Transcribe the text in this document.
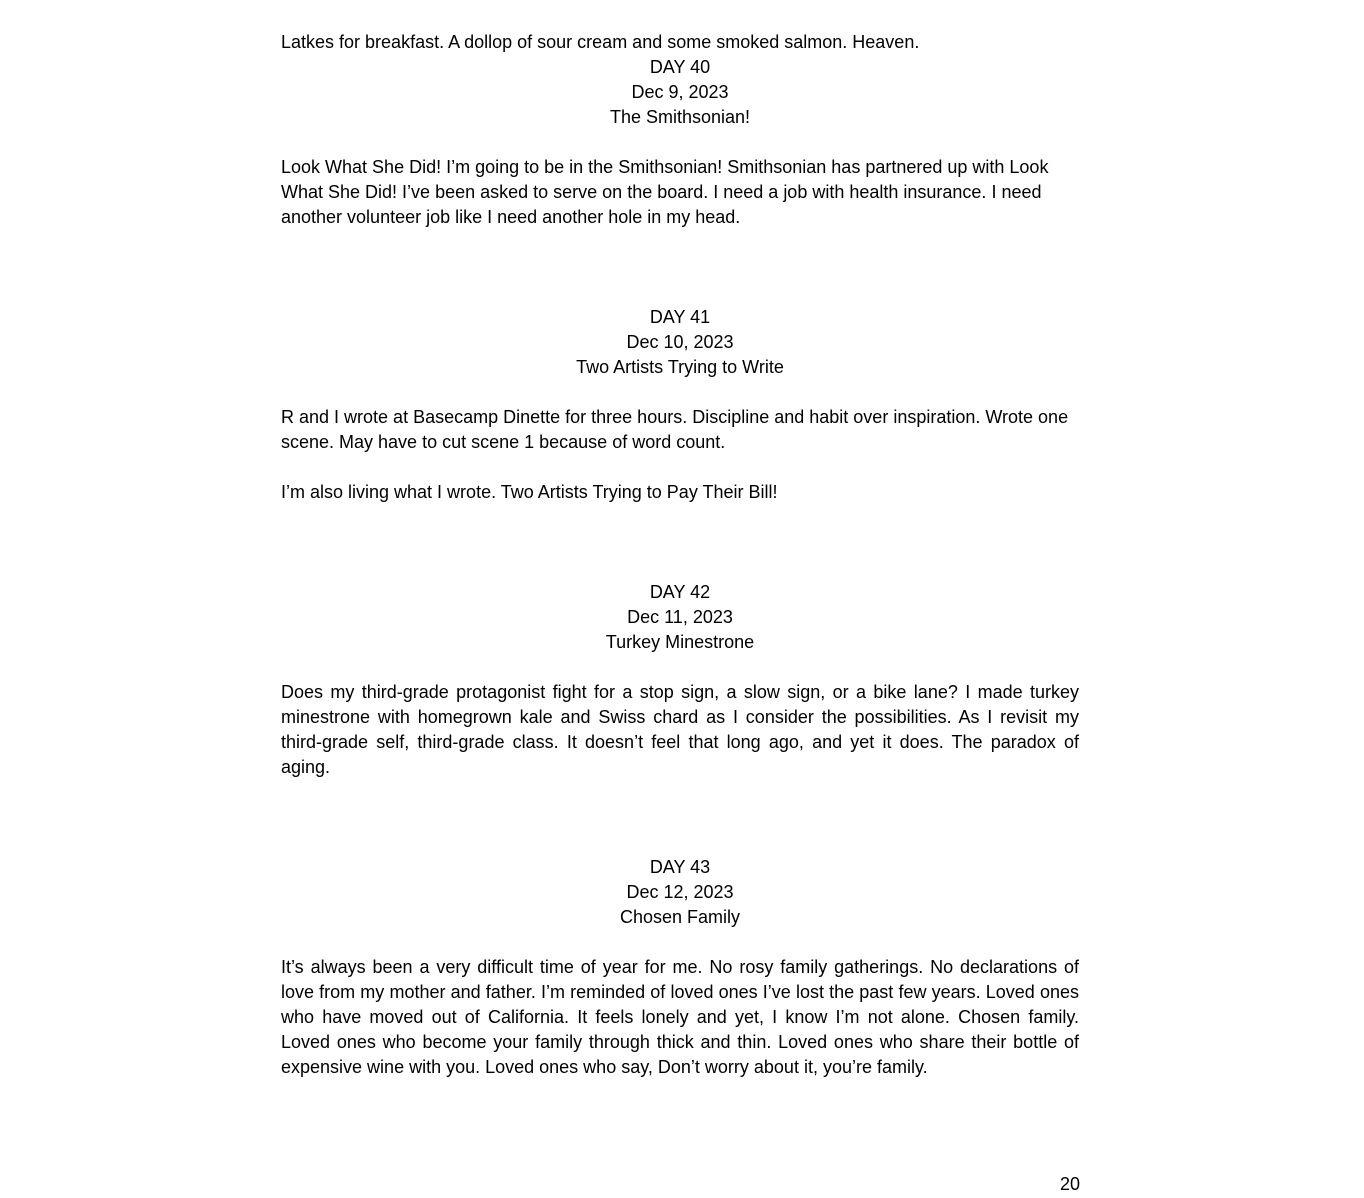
Latkes for breakfast. A dollop of sour cream and some smoked salmon. Heaven.

DAY 40

Dec 9, 2023

The Smithsonian!

Look What She Did! I’m going to be in the Smithsonian! Smithsonian has partnered up with Look What She Did! I’ve been asked to serve on the board. I need a job with health insurance. I need another volunteer job like I need another hole in my head.

DAY 41

Dec 10, 2023

Two Artists Trying to Write

R and I wrote at Basecamp Dinette for three hours. Discipline and habit over inspiration. Wrote one scene. May have to cut scene 1 because of word count.

I’m also living what I wrote. Two Artists Trying to Pay Their Bill!

DAY 42

Dec 11, 2023

Turkey Minestrone

Does my third-grade protagonist fight for a stop sign, a slow sign, or a bike lane? I made turkey minestrone with homegrown kale and Swiss chard as I consider the possibilities. As I revisit my third-grade self, third-grade class. It doesn’t feel that long ago, and yet it does. The paradox of aging.

DAY 43

Dec 12, 2023

Chosen Family

It’s always been a very difficult time of year for me. No rosy family gatherings. No declarations of love from my mother and father. I’m reminded of loved ones I’ve lost the past few years. Loved ones who have moved out of California. It feels lonely and yet, I know I’m not alone. Chosen family. Loved ones who become your family through thick and thin. Loved ones who share their bottle of expensive wine with you. Loved ones who say, Don’t worry about it, you’re family.

20
